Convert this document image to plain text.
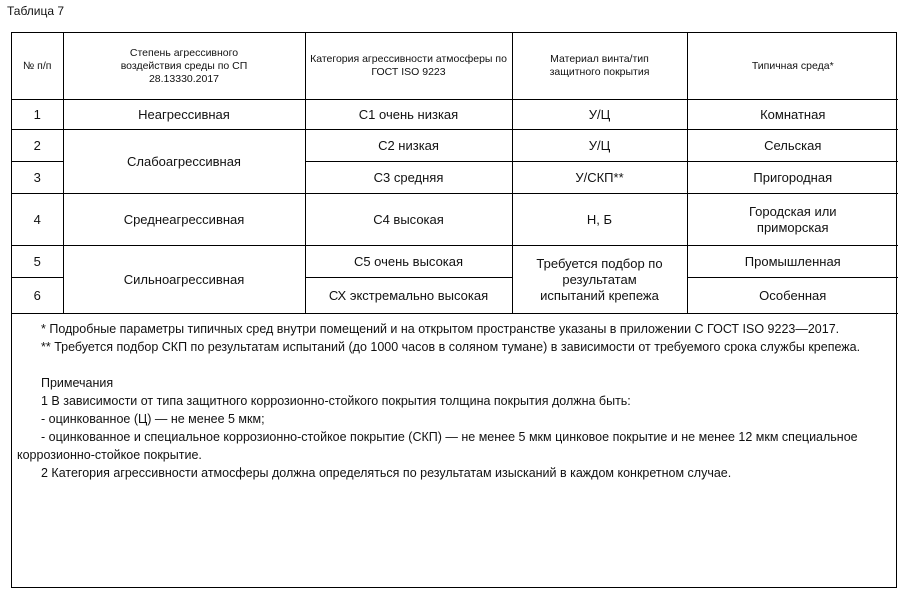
Таблица 7
№ п/п	Степень агрессивного воздействия среды по СП 28.13330.2017	Категория агрессивности атмосферы по ГОСТ ISO 9223	Материал винта/тип защитного покрытия	Типичная среда*
1	Неагрессивная	С1 очень низкая	У/Ц	Комнатная
2	Слабоагрессивная	С2 низкая	У/Ц	Сельская
3		С3 средняя	У/СКП**	Пригородная
4	Среднеагрессивная	С4 высокая	Н, Б	Городская или приморская
5	Сильноагрессивная	С5 очень высокая	Требуется подбор по результатам испытаний крепежа	Промышленная
6		СХ экстремально высокая		Особенная

* Подробные параметры типичных сред внутри помещений и на открытом пространстве указаны в приложении С ГОСТ ISO 9223—2017.

** Требуется подбор СКП по результатам испытаний (до 1000 часов в соляном тумане) в зависимости от требуемого срока службы крепежа.

Примечания

1 В зависимости от типа защитного коррозионно-стойкого покрытия толщина покрытия должна быть:

- оцинкованное (Ц) — не менее 5 мкм;

- оцинкованное и специальное коррозионно-стойкое покрытие (СКП) — не менее 5 мкм цинковое покрытие и не менее 12 мкм специальное коррозионно-стойкое покрытие.

2 Категория агрессивности атмосферы должна определяться по результатам изысканий в каждом конкретном случае.
